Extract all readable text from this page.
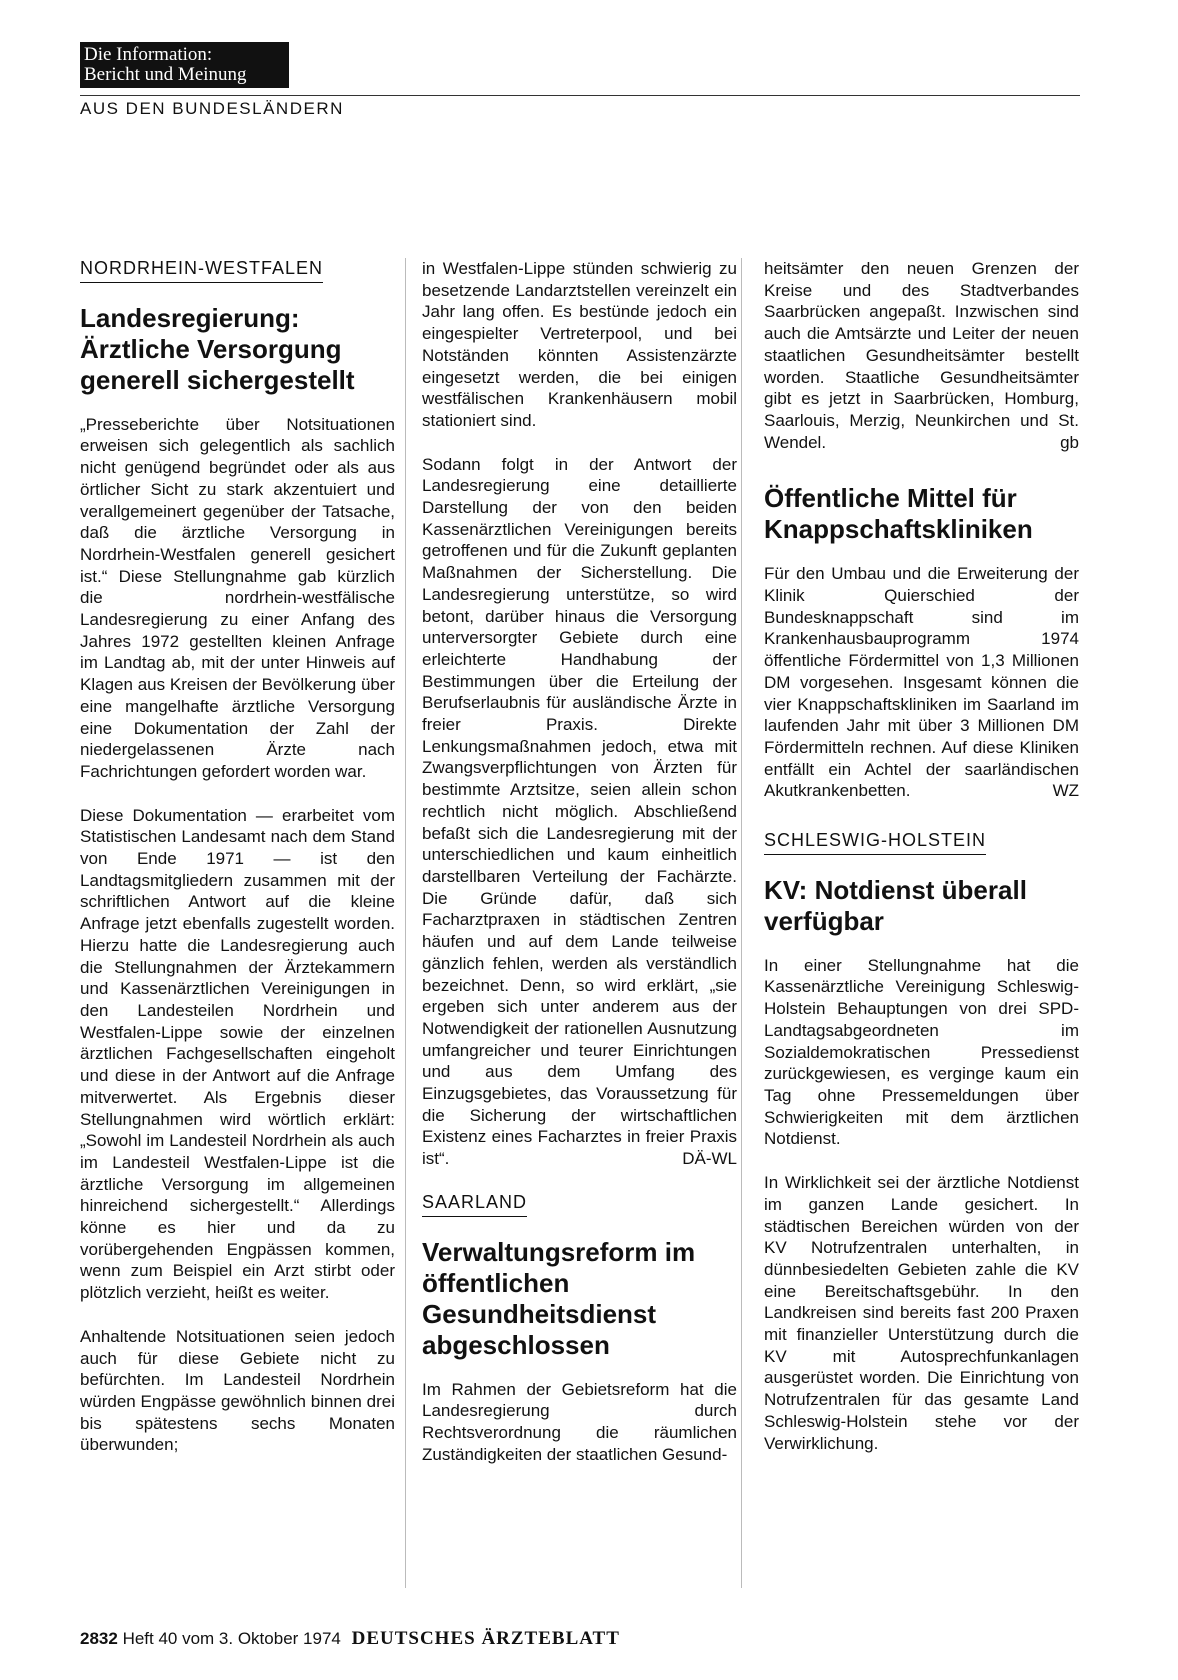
Die Information:
Bericht und Meinung
AUS DEN BUNDESLÄNDERN
NORDRHEIN-WESTFALEN
Landesregierung: Ärztliche Versorgung generell sichergestellt

„Presseberichte über Notsituationen erweisen sich gelegentlich als sachlich nicht genügend begründet oder als aus örtlicher Sicht zu stark akzentuiert und verallgemeinert gegenüber der Tatsache, daß die ärztliche Versorgung in Nordrhein-Westfalen generell gesichert ist.“ Diese Stellungnahme gab kürzlich die nordrhein-westfälische Landesregierung zu einer Anfang des Jahres 1972 gestellten kleinen Anfrage im Landtag ab, mit der unter Hinweis auf Klagen aus Kreisen der Bevölkerung über eine mangelhafte ärztliche Versorgung eine Dokumentation der Zahl der niedergelassenen Ärzte nach Fachrichtungen gefordert worden war.

Diese Dokumentation — erarbeitet vom Statistischen Landesamt nach dem Stand von Ende 1971 — ist den Landtagsmitgliedern zusammen mit der schriftlichen Antwort auf die kleine Anfrage jetzt ebenfalls zugestellt worden. Hierzu hatte die Landesregierung auch die Stellungnahmen der Ärztekammern und Kassenärztlichen Vereinigungen in den Landesteilen Nordrhein und Westfalen-Lippe sowie der einzelnen ärztlichen Fachgesellschaften eingeholt und diese in der Antwort auf die Anfrage mitverwertet. Als Ergebnis dieser Stellungnahmen wird wörtlich erklärt: „Sowohl im Landesteil Nordrhein als auch im Landesteil Westfalen-Lippe ist die ärztliche Versorgung im allgemeinen hinreichend sichergestellt.“ Allerdings könne es hier und da zu vorübergehenden Engpässen kommen, wenn zum Beispiel ein Arzt stirbt oder plötzlich verzieht, heißt es weiter.

Anhaltende Notsituationen seien jedoch auch für diese Gebiete nicht zu befürchten. Im Landesteil Nordrhein würden Engpässe gewöhnlich binnen drei bis spätestens sechs Monaten überwunden;

in Westfalen-Lippe stünden schwierig zu besetzende Landarztstellen vereinzelt ein Jahr lang offen. Es bestünde jedoch ein eingespielter Vertreterpool, und bei Notständen könnten Assistenzärzte eingesetzt werden, die bei einigen westfälischen Krankenhäusern mobil stationiert sind.

Sodann folgt in der Antwort der Landesregierung eine detaillierte Darstellung der von den beiden Kassenärztlichen Vereinigungen bereits getroffenen und für die Zukunft geplanten Maßnahmen der Sicherstellung. Die Landesregierung unterstütze, so wird betont, darüber hinaus die Versorgung unterversorgter Gebiete durch eine erleichterte Handhabung der Bestimmungen über die Erteilung der Berufserlaubnis für ausländische Ärzte in freier Praxis. Direkte Lenkungsmaßnahmen jedoch, etwa mit Zwangsverpflichtungen von Ärzten für bestimmte Arztsitze, seien allein schon rechtlich nicht möglich. Abschließend befaßt sich die Landesregierung mit der unterschiedlichen und kaum einheitlich darstellbaren Verteilung der Fachärzte. Die Gründe dafür, daß sich Facharztpraxen in städtischen Zentren häufen und auf dem Lande teilweise gänzlich fehlen, werden als verständlich bezeichnet. Denn, so wird erklärt, „sie ergeben sich unter anderem aus der Notwendigkeit der rationellen Ausnutzung umfangreicher und teurer Einrichtungen und aus dem Umfang des Einzugsgebietes, das Voraussetzung für die Sicherung der wirtschaftlichen Existenz eines Facharztes in freier Praxis ist“.	DÄ-WL

SAARLAND
Verwaltungsreform im öffentlichen Gesundheitsdienst abgeschlossen

Im Rahmen der Gebietsreform hat die Landesregierung durch Rechtsverordnung die räumlichen Zuständigkeiten der staatlichen Gesund-

heitsämter den neuen Grenzen der Kreise und des Stadtverbandes Saarbrücken angepaßt. Inzwischen sind auch die Amtsärzte und Leiter der neuen staatlichen Gesundheitsämter bestellt worden. Staatliche Gesundheitsämter gibt es jetzt in Saarbrücken, Homburg, Saarlouis, Merzig, Neunkirchen und St. Wendel.	gb

Öffentliche Mittel für Knappschaftskliniken

Für den Umbau und die Erweiterung der Klinik Quierschied der Bundesknappschaft sind im Krankenhausbauprogramm 1974 öffentliche Fördermittel von 1,3 Millionen DM vorgesehen. Insgesamt können die vier Knappschaftskliniken im Saarland im laufenden Jahr mit über 3 Millionen DM Fördermitteln rechnen. Auf diese Kliniken entfällt ein Achtel der saarländischen Akutkrankenbetten.	WZ

SCHLESWIG-HOLSTEIN
KV: Notdienst überall verfügbar

In einer Stellungnahme hat die Kassenärztliche Vereinigung Schleswig-Holstein Behauptungen von drei SPD-Landtagsabgeordneten im Sozialdemokratischen Pressedienst zurückgewiesen, es verginge kaum ein Tag ohne Pressemeldungen über Schwierigkeiten mit dem ärztlichen Notdienst.

In Wirklichkeit sei der ärztliche Notdienst im ganzen Lande gesichert. In städtischen Bereichen würden von der KV Notrufzentralen unterhalten, in dünnbesiedelten Gebieten zahle die KV eine Bereitschaftsgebühr. In den Landkreisen sind bereits fast 200 Praxen mit finanzieller Unterstützung durch die KV mit Autosprechfunkanlagen ausgerüstet worden. Die Einrichtung von Notrufzentralen für das gesamte Land Schleswig-Holstein stehe vor der Verwirklichung.

2832 Heft 40 vom 3. Oktober 1974 DEUTSCHES ÄRZTEBLATT
